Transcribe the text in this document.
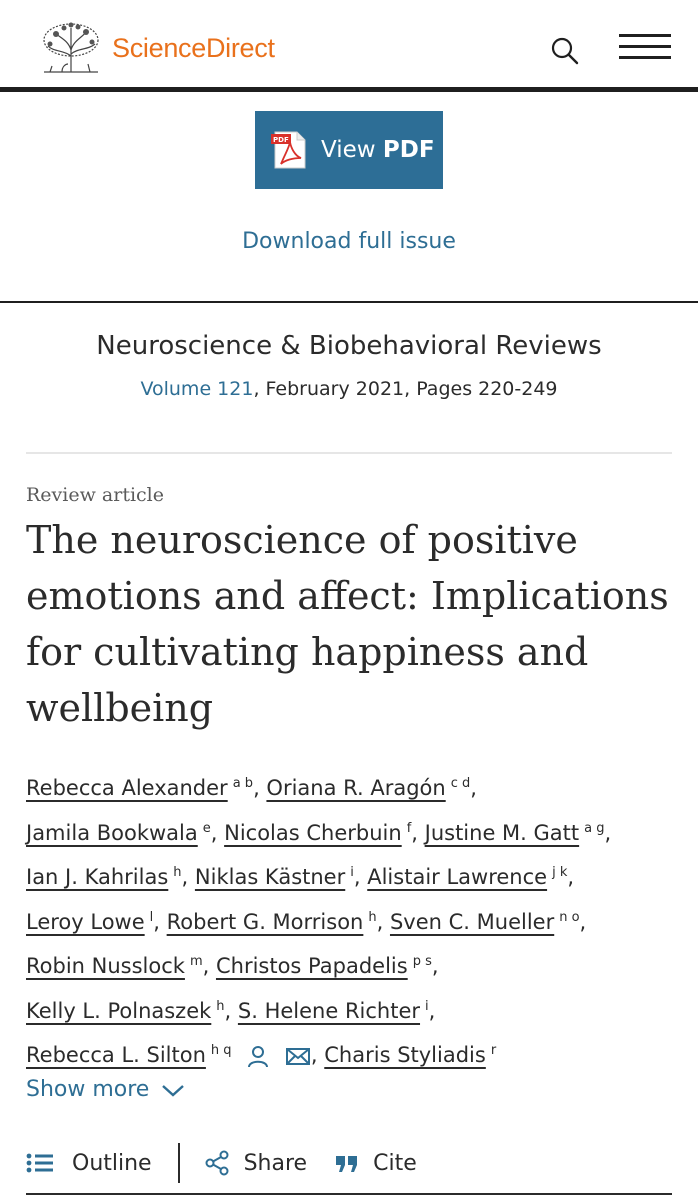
ScienceDirect
PDF View PDF
Download full issue
Neuroscience & Biobehavioral Reviews
Volume 121, February 2021, Pages 220-249
Review article
The neuroscience of positive emotions and affect: Implications for cultivating happiness and wellbeing
Rebecca Alexander $^{a b}$, Oriana R. Aragón $^{c d}$,
Jamila Bookwala $^e$, Nicolas Cherbuin $^f$, Justine M. Gatt $^{a g}$,
Ian J. Kahrilas $^h$, Niklas Kästner $^i$, Alistair Lawrence $^{j k}$,
Leroy Lowe $^l$, Robert G. Morrison $^h$, Sven C. Mueller $^{n o}$,
Robin Nusslock $^m$, Christos Papadelis $^{p s}$,
Kelly L. Polnaszek $^h$, S. Helene Richter $^i$,
Rebecca L. Silton $^{h q}$	, Charis Styliadis $^r$
Show more
Outline	Share	Cite
